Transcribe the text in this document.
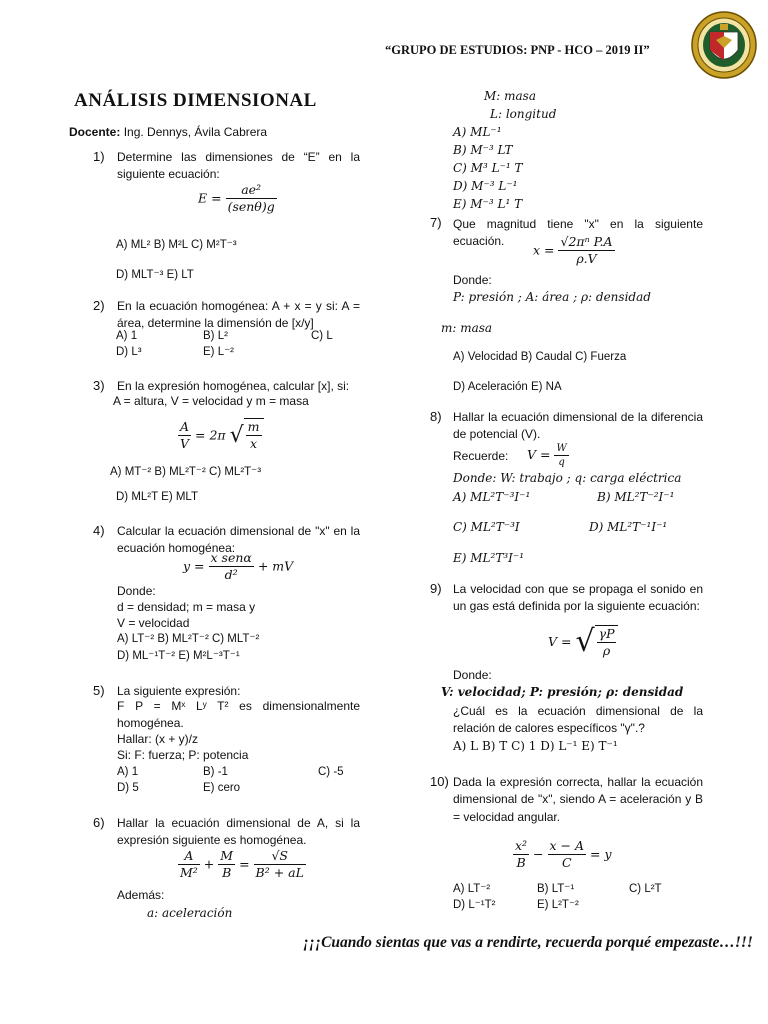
“GRUPO DE ESTUDIOS: PNP - HCO – 2019 II”
ANÁLISIS DIMENSIONAL
Docente: Ing. Dennys, Ávila Cabrera
1) Determine las dimensiones de “E” en la siguiente ecuación:
$E = \frac{\text{ae²}}{\text{(senθ)g}}$
A) ML² B) M²L C) M²T⁻³
D) MLT⁻³ E) LT
2) En la ecuación homogénea: A + x = y si: A = área, determine la dimensión de [x/y]
A) 1	B) L²	C) L
D) L³	E) L⁻²
3) En la expresión homogénea, calcular [x], si:
A = altura, V = velocidad y m = masa
$\frac{A}{V} = 2\pi$ √ $\frac{m}{x}$
A) MT⁻² B) ML²T⁻² C) ML²T⁻³
D) ML²T E) MLT
4) Calcular la ecuación dimensional de "x" en la ecuación homogénea:
$y = \frac{\text{x senα}}{\text{d²}}$ + mV
Donde:
d = densidad; m = masa y
V = velocidad
A) LT⁻² B) ML²T⁻² C) MLT⁻²
D) ML⁻¹T⁻² E) M²L⁻³T⁻¹
5) La siguiente expresión:
F P = Mˣ Lʸ T² es dimensionalmente homogénea.
Hallar: (x + y)/z
Si: F: fuerza; P: potencia
A) 1	B) -1	C) -5
D) 5	E) cero
6) Hallar la ecuación dimensional de A, si la expresión siguiente es homogénea.
$\frac{A}{\text{M²}} + \frac{M}{B} = \frac{√S}{\text{B² + aL}}$
Además:
a: aceleración
M: masa
L: longitud
A) ML⁻¹
B) M⁻³ LT
C) M³ L⁻¹ T
D) M⁻³ L⁻¹
E) M⁻³ L¹ T
7) Que magnitud tiene "x" en la siguiente ecuación.
$x = \frac{\text{√2πⁿ P.A}}{\rho.V}$
Donde:
P: presión ; A: área ; ρ: densidad
m: masa
A) Velocidad B) Caudal C) Fuerza
D) Aceleración E) NA
8) Hallar la ecuación dimensional de la diferencia de potencial (V).
Recuerde: $V = \frac{W}{q}$
Donde: W: trabajo ; q: carga eléctrica
A) ML²T⁻³I⁻¹	B) ML²T⁻²I⁻¹
C) ML²T⁻³I	D) ML²T⁻¹I⁻¹
E) ML²T³I⁻¹
9) La velocidad con que se propaga el sonido en un gas está definida por la siguiente ecuación:
V = √ $\frac{\gamma P}{\rho}$
Donde:
V: velocidad; P: presión; ρ: densidad
¿Cuál es la ecuación dimensional de la relación de calores específicos "γ".?
A) L B) T C) 1 D) L⁻¹ E) T⁻¹
10) Dada la expresión correcta, hallar la ecuación dimensional de "x", siendo A = aceleración y B = velocidad angular.
$\frac{\text{x²}}{B} - \frac{x - A}{C} = y$
A) LT⁻²	B) LT⁻¹	C) L²T
D) L⁻¹T²	E) L²T⁻²
¡¡¡Cuando sientas que vas a rendirte, recuerda porqué empezaste…!!!
